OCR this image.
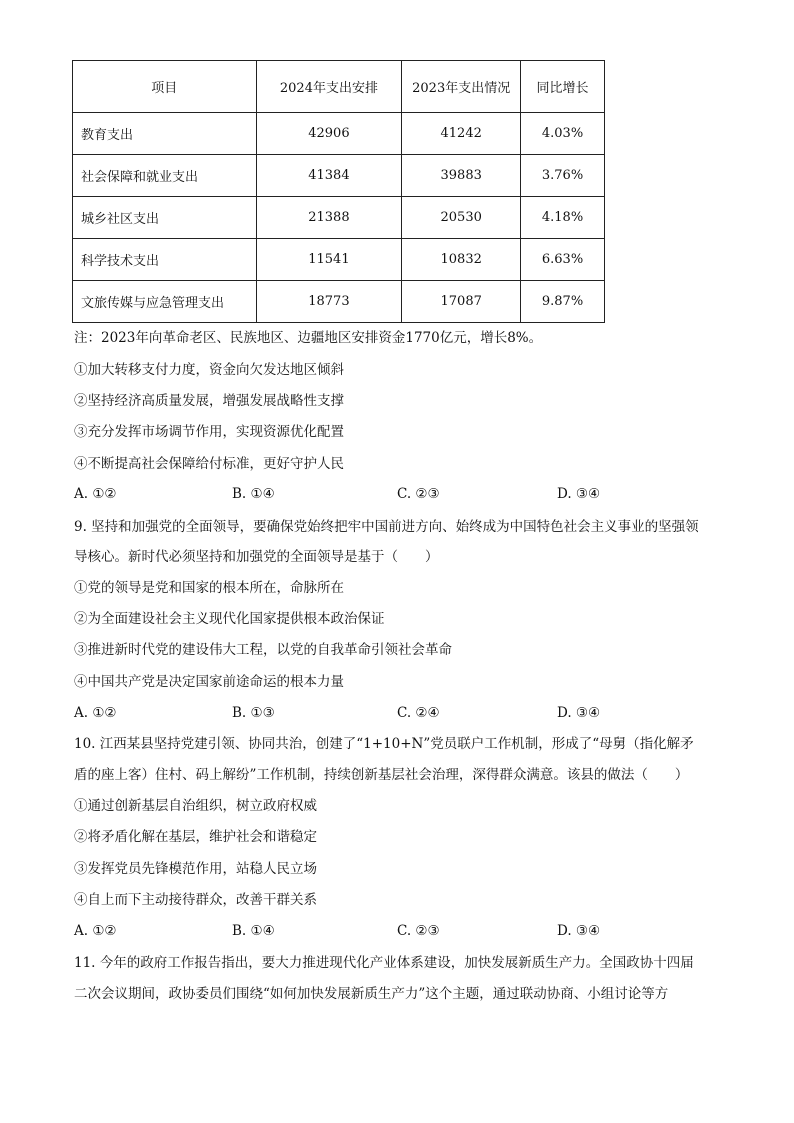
项目	2024年支出安排	2023年支出情况	同比增长
教育支出	42906	41242	4.03%
社会保障和就业支出	41384	39883	3.76%
城乡社区支出	21388	20530	4.18%
科学技术支出	11541	10832	6.63%
文旅传媒与应急管理支出	18773	17087	9.87%
注：2023年向革命老区、民族地区、边疆地区安排资金1770亿元，增长8%。
①加大转移支付力度，资金向欠发达地区倾斜
②坚持经济高质量发展，增强发展战略性支撑
③充分发挥市场调节作用，实现资源优化配置
④不断提高社会保障给付标准，更好守护人民
A. ①②	B. ①④	C. ②③	D. ③④
9. 坚持和加强党的全面领导，要确保党始终把牢中国前进方向、始终成为中国特色社会主义事业的坚强领
导核心。新时代必须坚持和加强党的全面领导是基于（　　）
①党的领导是党和国家的根本所在，命脉所在
②为全面建设社会主义现代化国家提供根本政治保证
③推进新时代党的建设伟大工程，以党的自我革命引领社会革命
④中国共产党是决定国家前途命运的根本力量
A. ①②	B. ①③	C. ②④	D. ③④
10. 江西某县坚持党建引领、协同共治，创建了“1+10+N”党员联户工作机制，形成了“母舅（指化解矛
盾的座上客）住村、码上解纷”工作机制，持续创新基层社会治理，深得群众满意。该县的做法（　　）
①通过创新基层自治组织，树立政府权威
②将矛盾化解在基层，维护社会和谐稳定
③发挥党员先锋模范作用，站稳人民立场
④自上而下主动接待群众，改善干群关系
A. ①②	B. ①④	C. ②③	D. ③④
11. 今年的政府工作报告指出，要大力推进现代化产业体系建设，加快发展新质生产力。全国政协十四届
二次会议期间，政协委员们围绕“如何加快发展新质生产力”这个主题，通过联动协商、小组讨论等方
